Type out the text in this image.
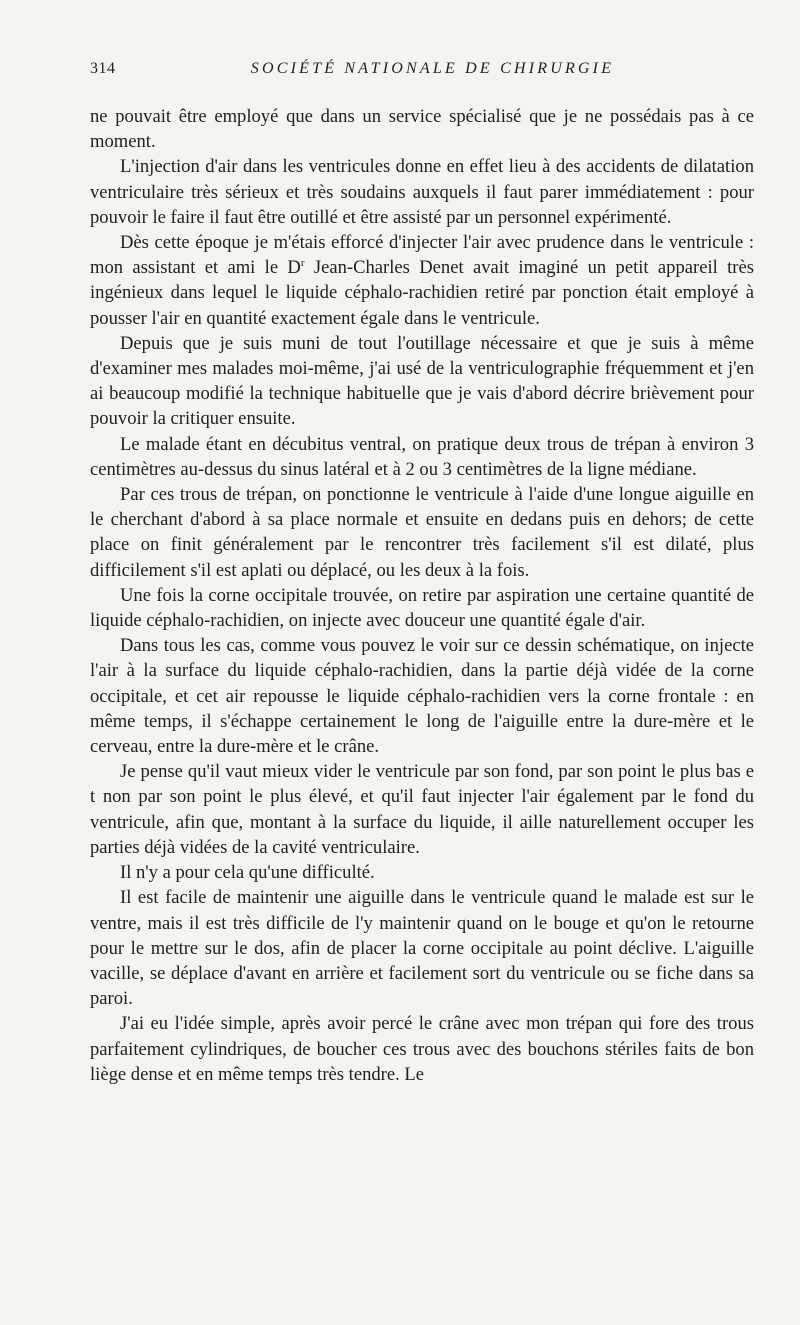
314	SOCIÉTÉ NATIONALE DE CHIRURGIE

ne pouvait être employé que dans un service spécialisé que je ne possédais pas à ce moment.

L'injection d'air dans les ventricules donne en effet lieu à des accidents de dilatation ventriculaire très sérieux et très soudains auxquels il faut parer immédiatement : pour pouvoir le faire il faut être outillé et être assisté par un personnel expérimenté.

Dès cette époque je m'étais efforcé d'injecter l'air avec prudence dans le ventricule : mon assistant et ami le $D^r$ Jean-Charles Denet avait imaginé un petit appareil très ingénieux dans lequel le liquide céphalo-rachidien retiré par ponction était employé à pousser l'air en quantité exactement égale dans le ventricule.

Depuis que je suis muni de tout l'outillage nécessaire et que je suis à même d'examiner mes malades moi-même, j'ai usé de la ventriculographie fréquemment et j'en ai beaucoup modifié la technique habituelle que je vais d'abord décrire brièvement pour pouvoir la critiquer ensuite.

Le malade étant en décubitus ventral, on pratique deux trous de trépan à environ 3 centimètres au-dessus du sinus latéral et à 2 ou 3 centimètres de la ligne médiane.

Par ces trous de trépan, on ponctionne le ventricule à l'aide d'une longue aiguille en le cherchant d'abord à sa place normale et ensuite en dedans puis en dehors; de cette place on finit généralement par le rencontrer très facilement s'il est dilaté, plus difficilement s'il est aplati ou déplacé, ou les deux à la fois.

Une fois la corne occipitale trouvée, on retire par aspiration une certaine quantité de liquide céphalo-rachidien, on injecte avec douceur une quantité égale d'air.

Dans tous les cas, comme vous pouvez le voir sur ce dessin schématique, on injecte l'air à la surface du liquide céphalo-rachidien, dans la partie déjà vidée de la corne occipitale, et cet air repousse le liquide céphalo-rachidien vers la corne frontale : en même temps, il s'échappe certainement le long de l'aiguille entre la dure-mère et le cerveau, entre la dure-mère et le crâne.

Je pense qu'il vaut mieux vider le ventricule par son fond, par son point le plus bas e t non par son point le plus élevé, et qu'il faut injecter l'air également par le fond du ventricule, afin que, montant à la surface du liquide, il aille naturellement occuper les parties déjà vidées de la cavité ventriculaire.

Il n'y a pour cela qu'une difficulté.

Il est facile de maintenir une aiguille dans le ventricule quand le malade est sur le ventre, mais il est très difficile de l'y maintenir quand on le bouge et qu'on le retourne pour le mettre sur le dos, afin de placer la corne occipitale au point déclive. L'aiguille vacille, se déplace d'avant en arrière et facilement sort du ventricule ou se fiche dans sa paroi.

J'ai eu l'idée simple, après avoir percé le crâne avec mon trépan qui fore des trous parfaitement cylindriques, de boucher ces trous avec des bouchons stériles faits de bon liège dense et en même temps très tendre. Le
